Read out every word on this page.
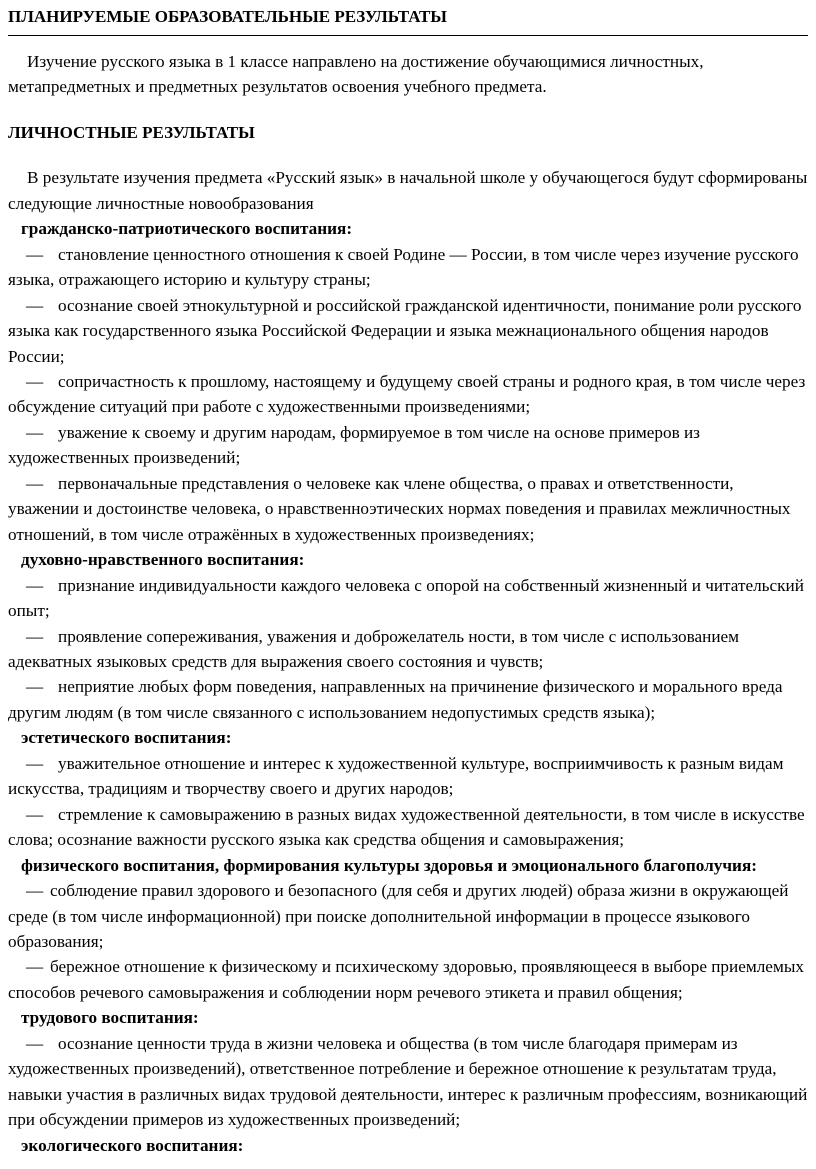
ПЛАНИРУЕМЫЕ ОБРАЗОВАТЕЛЬНЫЕ РЕЗУЛЬТАТЫ

Изучение русского языка в 1 классе направлено на достижение обучающимися личностных, метапредметных и предметных результатов освоения учебного предмета.

ЛИЧНОСТНЫЕ РЕЗУЛЬТАТЫ

В результате изучения предмета «Русский язык» в начальной школе у обучающегося будут сформированы следующие личностные новообразования

гражданско-патриотического воспитания:

— становление ценностного отношения к своей Родине — России, в том числе через изучение русского языка, отражающего историю и культуру страны;

— осознание своей этнокультурной и российской гражданской идентичности, понимание роли русского языка как государственного языка Российской Федерации и языка межнационального общения народов России;

— сопричастность к прошлому, настоящему и будущему своей страны и родного края, в том числе через обсуждение ситуаций при работе с художественными произведениями;

— уважение к своему и другим народам, формируемое в том числе на основе примеров из художественных произведений;

— первоначальные представления о человеке как члене общества, о правах и ответственности, уважении и достоинстве человека, о нравственноэтических нормах поведения и правилах межличностных отношений, в том числе отражённых в художественных произведениях;

духовно-нравственного воспитания:

— признание индивидуальности каждого человека с опорой на собственный жизненный и читательский опыт;

— проявление сопереживания, уважения и доброжелатель ности, в том числе с использованием адекватных языковых средств для выражения своего состояния и чувств;

— неприятие любых форм поведения, направленных на причинение физического и морального вреда другим людям (в том числе связанного с использованием недопустимых средств языка);

эстетического воспитания:

— уважительное отношение и интерес к художественной культуре, восприимчивость к разным видам искусства, традициям и творчеству своего и других народов;

— стремление к самовыражению в разных видах художественной деятельности, в том числе в искусстве слова; осознание важности русского языка как средства общения и самовыражения;

физического воспитания, формирования культуры здоровья и эмоционального благополучия:

— соблюдение правил здорового и безопасного (для себя и других людей) образа жизни в окружающей среде (в том числе информационной) при поиске дополнительной информации в процессе языкового образования;

— бережное отношение к физическому и психическому здоровью, проявляющееся в выборе приемлемых способов речевого самовыражения и соблюдении норм речевого этикета и правил общения;

трудового воспитания:

— осознание ценности труда в жизни человека и общества (в том числе благодаря примерам из художественных произведений), ответственное потребление и бережное отношение к результатам труда, навыки участия в различных видах трудовой деятельности, интерес к различным профессиям, возникающий при обсуждении примеров из художественных произведений;

экологического воспитания:
